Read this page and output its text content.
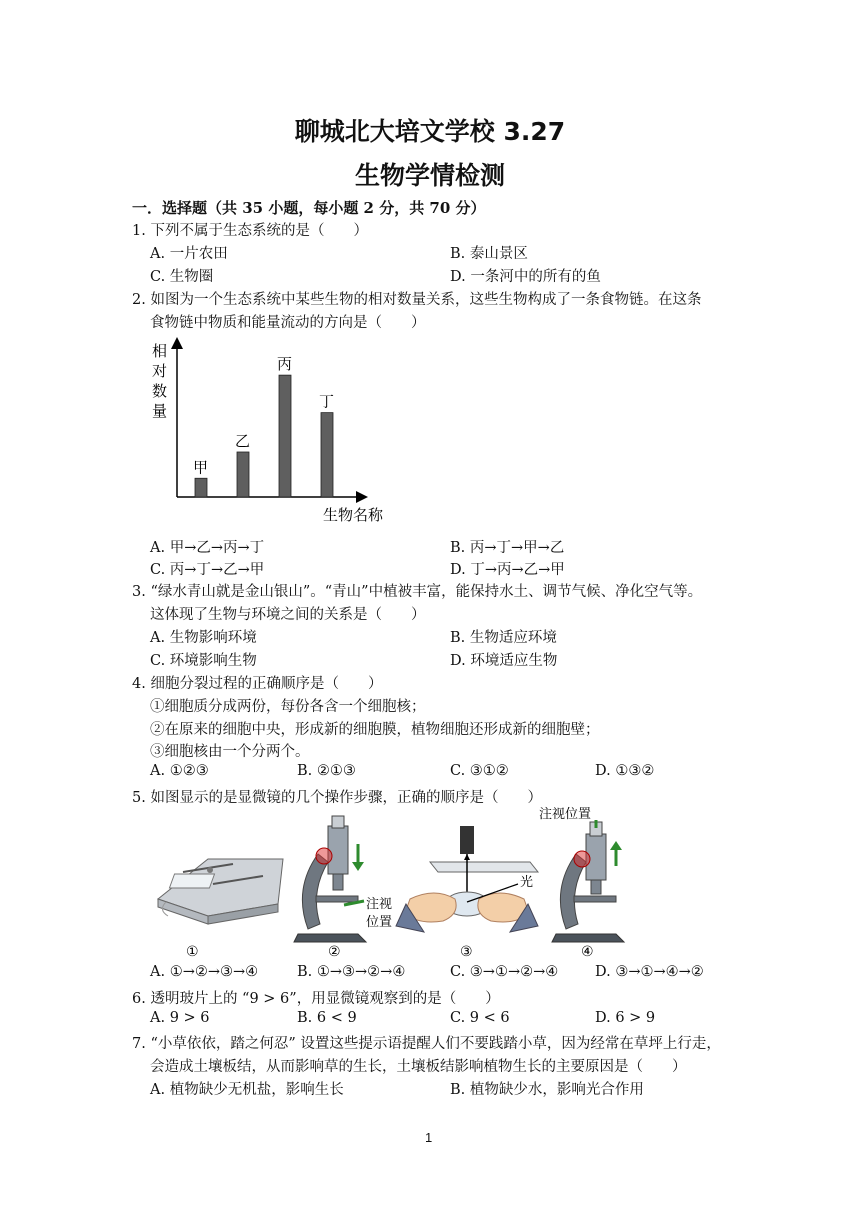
聊城北大培文学校 3.27
生物学情检测
一．选择题（共 35 小题，每小题 2 分，共 70 分）
1. 下列不属于生态系统的是（　　）
A. 一片农田	B. 泰山景区
C. 生物圈	D. 一条河中的所有的鱼
2. 如图为一个生态系统中某些生物的相对数量关系，这些生物构成了一条食物链。在这条
食物链中物质和能量流动的方向是（　　）
相
对
数
量
生物名称
甲
乙
丙
丁
A. 甲→乙→丙→丁	B. 丙→丁→甲→乙
C. 丙→丁→乙→甲	D. 丁→丙→乙→甲
3. “绿水青山就是金山银山”。“青山”中植被丰富，能保持水土、调节气候、净化空气等。
这体现了生物与环境之间的关系是（　　）
A. 生物影响环境	B. 生物适应环境
C. 环境影响生物	D. 环境适应生物
4. 细胞分裂过程的正确顺序是（　　）
①细胞质分成两份，每份各含一个细胞核；
②在原来的细胞中央，形成新的细胞膜，植物细胞还形成新的细胞壁；
③细胞核由一个分两个。
A. ①②③	B. ②①③	C. ③①②	D. ①③②
5. 如图显示的是显微镜的几个操作步骤，正确的顺序是（　　）
注视
位置
光
注视位置
①	②	③	④
A. ①→②→③→④	B. ①→③→②→④	C. ③→①→②→④	D. ③→①→④→②
6. 透明玻片上的 “9 > 6”，用显微镜观察到的是（　　）
A. 9 > 6	B. 6 < 9	C. 9 < 6	D. 6 > 9
7. “小草依依，踏之何忍” 设置这些提示语提醒人们不要践踏小草，因为经常在草坪上行走，
会造成土壤板结，从而影响草的生长，土壤板结影响植物生长的主要原因是（　　）
A. 植物缺少无机盐，影响生长	B. 植物缺少水，影响光合作用
1
